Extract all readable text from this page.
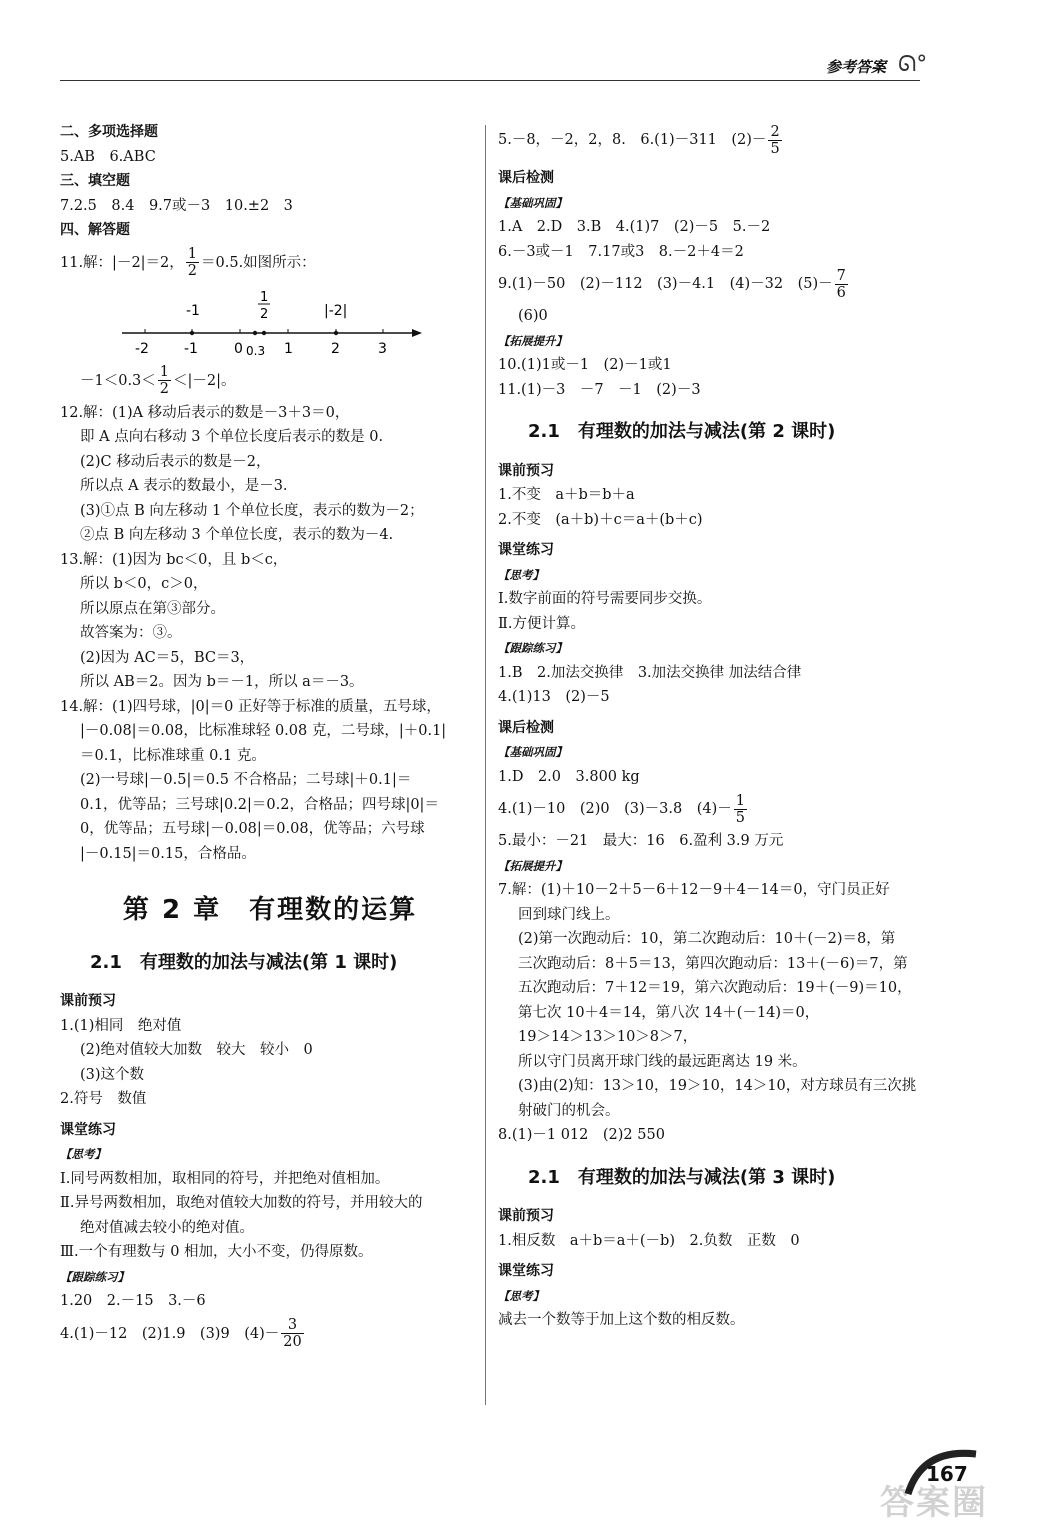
参考答案 ᘏ°
二、多项选择题
5.AB　6.ABC
三、填空题
7.2.5　8.4　9.7或－3　10.±2　3
四、解答题
11.解：|－2|＝2， $\frac{1}{2} =0.5$.如图所示：
-1
1
2	|-2|
-2	-1	0 0.3 1	2	3
$-1<0.3< \frac{1}{2} <|-2|$。
12.解：(1)A 移动后表示的数是－3＋3＝0，
即 A 点向右移动 3 个单位长度后表示的数是 0.
(2)C 移动后表示的数是－2，
所以点 A 表示的数最小，是－3.
(3)①点 B 向左移动 1 个单位长度，表示的数为－2；
②点 B 向左移动 3 个单位长度，表示的数为－4.
13.解：(1)因为 bc＜0，且 b＜c，
所以 b＜0，c＞0，
所以原点在第③部分。
故答案为：③。
(2)因为 AC＝5，BC＝3，
所以 AB＝2。因为 b＝－1，所以 a＝－3。
14.解：(1)四号球，|0|＝0 正好等于标准的质量，五号球，
|－0.08|＝0.08，比标准球轻 0.08 克，二号球，|＋0.1|
＝0.1，比标准球重 0.1 克。
(2)一号球|－0.5|＝0.5 不合格品；二号球|＋0.1|＝
0.1，优等品；三号球|0.2|＝0.2，合格品；四号球|0|＝
0，优等品；五号球|－0.08|＝0.08，优等品；六号球
|－0.15|＝0.15，合格品。
第 2 章　有理数的运算
2.1　有理数的加法与减法(第 1 课时)
课前预习
1.(1)相同　绝对值
(2)绝对值较大加数　较大　较小　0
(3)这个数
2.符号　数值
课堂练习
【思考】
Ⅰ.同号两数相加，取相同的符号，并把绝对值相加。
Ⅱ.异号两数相加，取绝对值较大加数的符号，并用较大的
绝对值减去较小的绝对值。
Ⅲ.一个有理数与 0 相加，大小不变，仍得原数。
【跟踪练习】
1.20　2.－15　3.－6
4.(1)－12　(2)1.9　(3)9　$(4)- \frac{3}{20}$
5.－8，－2，2，8.　6.(1)－311　$(2)- \frac{2}{5}$
课后检测
【基础巩固】
1.A　2.D　3.B　4.(1)7　(2)－5　5.－2
6.－3或－1　7.17或3　8.－2＋4＝2
9.(1)－50　(2)－112　(3)－4.1　(4)－32　$(5)- \frac{7}{6}$
(6)0
【拓展提升】
10.(1)1或－1　(2)－1或1
11.(1)－3　－7　－1　(2)－3
2.1　有理数的加法与减法(第 2 课时)
课前预习
1.不变　a＋b＝b＋a
2.不变　(a＋b)＋c＝a＋(b＋c)
课堂练习
【思考】
Ⅰ.数字前面的符号需要同步交换。
Ⅱ.方便计算。
【跟踪练习】
1.B　2.加法交换律　3.加法交换律 加法结合律
4.(1)13　(2)－5
课后检测
【基础巩固】
1.D　2.0　3.800 kg
4.(1)－10　(2)0　(3)－3.8　$(4)- \frac{1}{5}$
5.最小：－21　最大：16　6.盈利 3.9 万元
【拓展提升】
7.解：(1)＋10－2＋5－6＋12－9＋4－14＝0，守门员正好
回到球门线上。
(2)第一次跑动后：10，第二次跑动后：10＋(－2)＝8，第
三次跑动后：8＋5＝13，第四次跑动后：13＋(－6)＝7，第
五次跑动后：7＋12＝19，第六次跑动后：19＋(－9)＝10，
第七次 10＋4＝14，第八次 14＋(－14)＝0，
19＞14＞13＞10＞8＞7，
所以守门员离开球门线的最远距离达 19 米。
(3)由(2)知：13＞10，19＞10，14＞10，对方球员有三次挑
射破门的机会。
8.(1)－1 012　(2)2 550
2.1　有理数的加法与减法(第 3 课时)
课前预习
1.相反数　a＋b＝a＋(－b)　2.负数　正数　0
课堂练习
【思考】
减去一个数等于加上这个数的相反数。
167
答案圈
